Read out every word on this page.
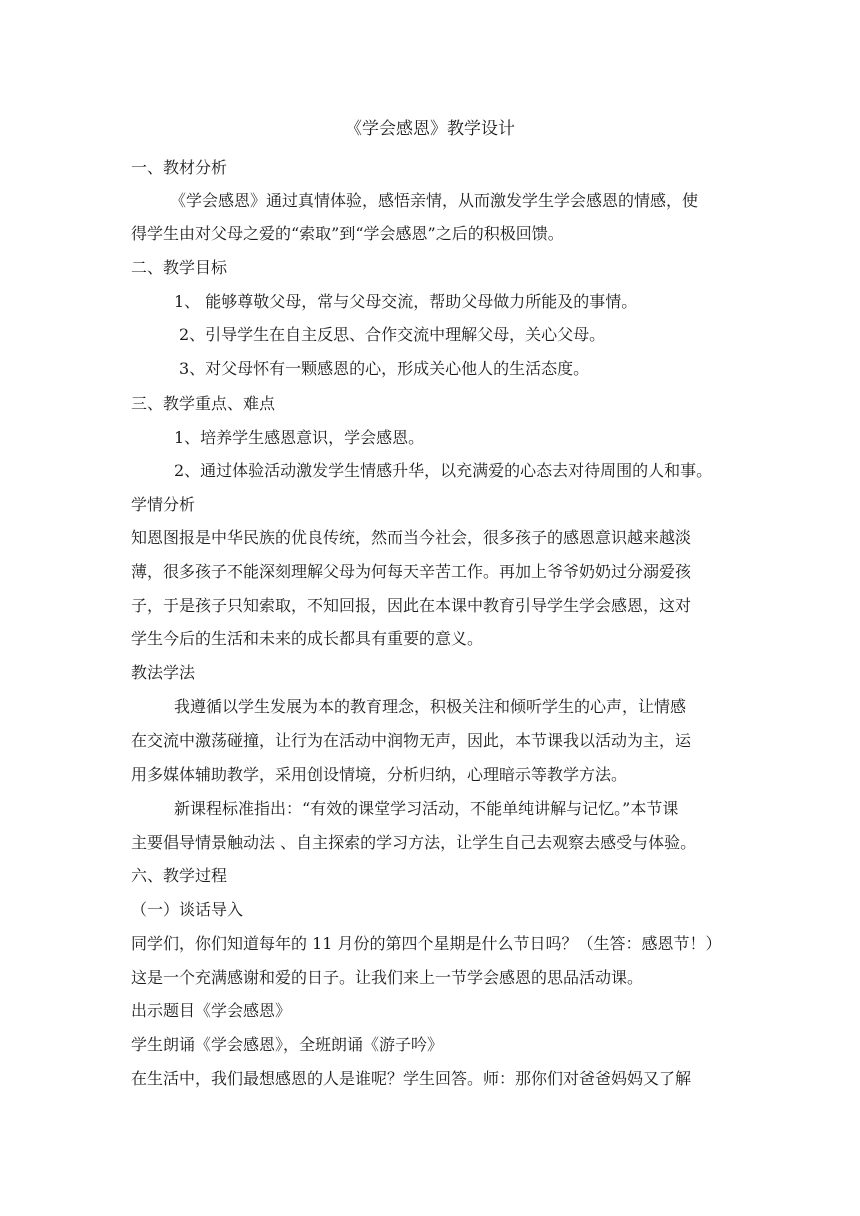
《学会感恩》教学设计
一、教材分析
《学会感恩》通过真情体验，感悟亲情，从而激发学生学会感恩的情感，使
得学生由对父母之爱的“索取”到“学会感恩”之后的积极回馈。
二、教学目标
1、 能够尊敬父母，常与父母交流，帮助父母做力所能及的事情。
2、引导学生在自主反思、合作交流中理解父母，关心父母。
3、对父母怀有一颗感恩的心，形成关心他人的生活态度。
三、教学重点、难点
1、培养学生感恩意识，学会感恩。
2、通过体验活动激发学生情感升华，以充满爱的心态去对待周围的人和事。
学情分析
知恩图报是中华民族的优良传统，然而当今社会，很多孩子的感恩意识越来越淡
薄，很多孩子不能深刻理解父母为何每天辛苦工作。再加上爷爷奶奶过分溺爱孩
子，于是孩子只知索取，不知回报，因此在本课中教育引导学生学会感恩，这对
学生今后的生活和未来的成长都具有重要的意义。
教法学法
我遵循以学生发展为本的教育理念，积极关注和倾听学生的心声，让情感
在交流中激荡碰撞，让行为在活动中润物无声，因此，本节课我以活动为主，运
用多媒体辅助教学，采用创设情境，分析归纳，心理暗示等教学方法。
新课程标准指出：“有效的课堂学习活动，不能单纯讲解与记忆。”本节课
主要倡导情景触动法 、自主探索的学习方法，让学生自己去观察去感受与体验。
六、教学过程
（一）谈话导入
同学们，你们知道每年的 11 月份的第四个星期是什么节日吗？（生答：感恩节！）
这是一个充满感谢和爱的日子。让我们来上一节学会感恩的思品活动课。
出示题目《学会感恩》
学生朗诵《学会感恩》，全班朗诵《游子吟》
在生活中，我们最想感恩的人是谁呢？学生回答。师：那你们对爸爸妈妈又了解
